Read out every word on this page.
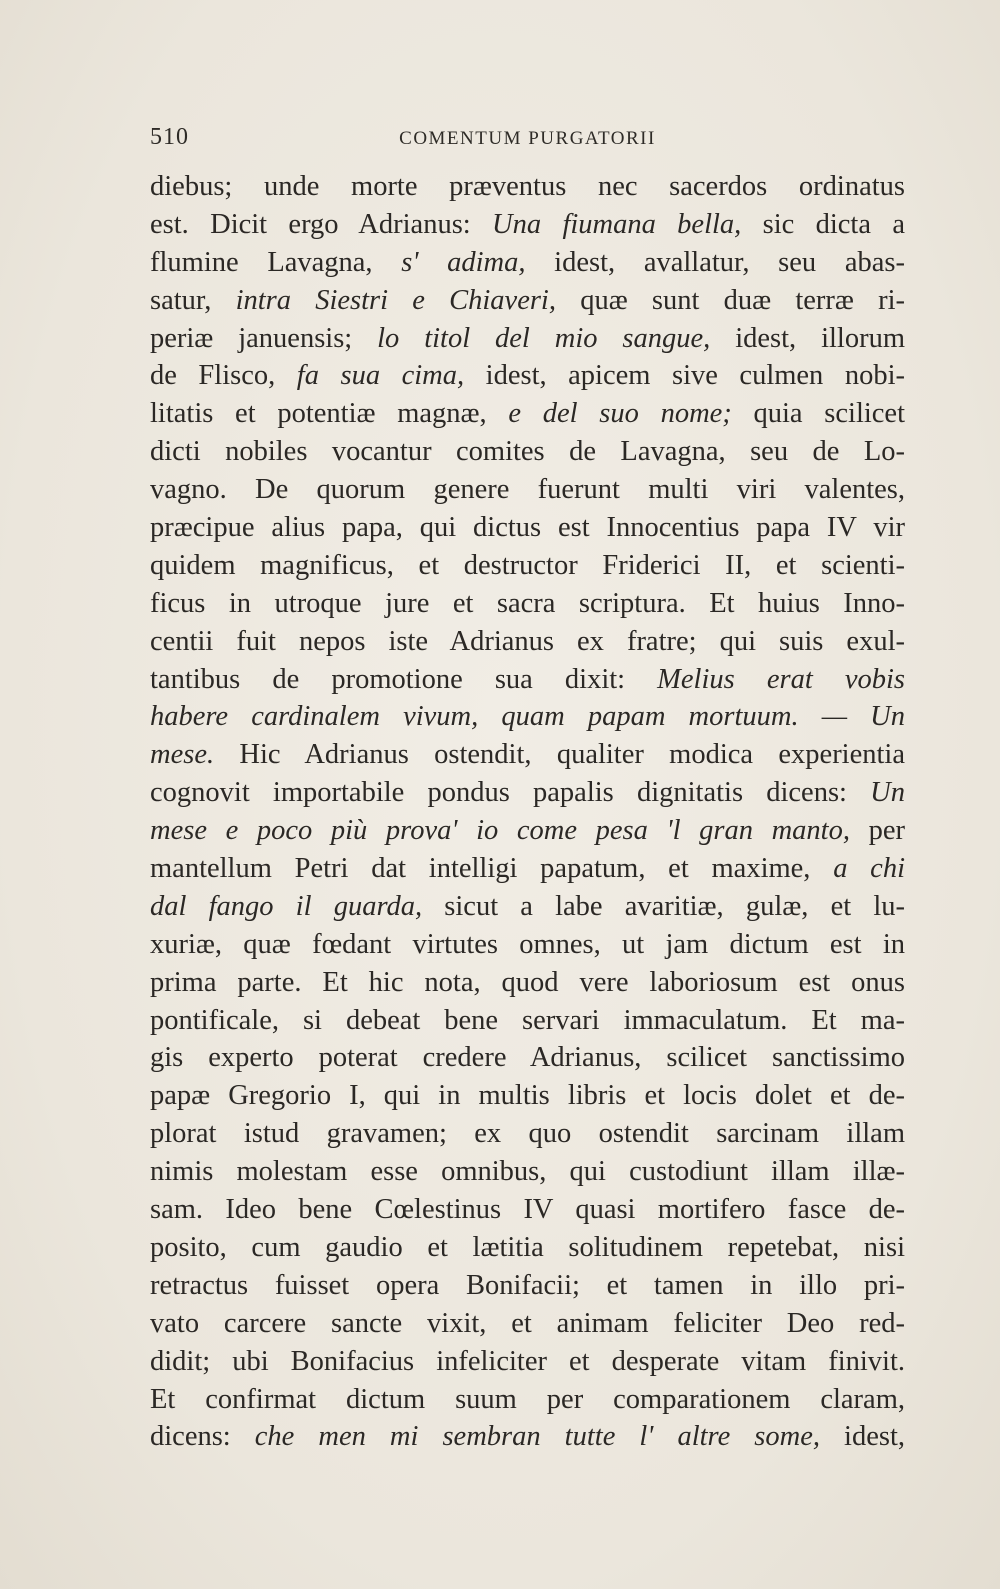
510	COMENTUM PURGATORII
diebus; unde morte præventus nec sacerdos ordinatus
est. Dicit ergo Adrianus: Una fiumana bella, sic dicta a
flumine Lavagna, s' adima, idest, avallatur, seu abas-
satur, intra Siestri e Chiaveri, quæ sunt duæ terræ ri-
periæ januensis; lo titol del mio sangue, idest, illorum
de Flisco, fa sua cima, idest, apicem sive culmen nobi-
litatis et potentiæ magnæ, e del suo nome; quia scilicet
dicti nobiles vocantur comites de Lavagna, seu de Lo-
vagno. De quorum genere fuerunt multi viri valentes,
præcipue alius papa, qui dictus est Innocentius papa IV vir
quidem magnificus, et destructor Friderici II, et scienti-
ficus in utroque jure et sacra scriptura. Et huius Inno-
centii fuit nepos iste Adrianus ex fratre; qui suis exul-
tantibus de promotione sua dixit: Melius erat vobis
habere cardinalem vivum, quam papam mortuum. — Un
mese. Hic Adrianus ostendit, qualiter modica experientia
cognovit importabile pondus papalis dignitatis dicens: Un
mese e poco più prova' io come pesa 'l gran manto, per
mantellum Petri dat intelligi papatum, et maxime, a chi
dal fango il guarda, sicut a labe avaritiæ, gulæ, et lu-
xuriæ, quæ fœdant virtutes omnes, ut jam dictum est in
prima parte. Et hic nota, quod vere laboriosum est onus
pontificale, si debeat bene servari immaculatum. Et ma-
gis experto poterat credere Adrianus, scilicet sanctissimo
papæ Gregorio I, qui in multis libris et locis dolet et de-
plorat istud gravamen; ex quo ostendit sarcinam illam
nimis molestam esse omnibus, qui custodiunt illam illæ-
sam. Ideo bene Cœlestinus IV quasi mortifero fasce de-
posito, cum gaudio et lætitia solitudinem repetebat, nisi
retractus fuisset opera Bonifacii; et tamen in illo pri-
vato carcere sancte vixit, et animam feliciter Deo red-
didit; ubi Bonifacius infeliciter et desperate vitam finivit.
Et confirmat dictum suum per comparationem claram,
dicens: che men mi sembran tutte l' altre some, idest,
